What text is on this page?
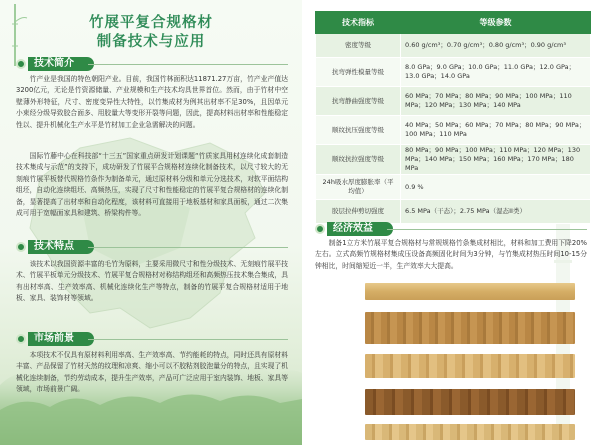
竹展平复合规格材
制备技术与应用
技术简介
竹产业是我国的特色朝阳产业。目前，我国竹林面积达11871.27万亩，竹产业产值达3200亿元，无论是竹资源储量、产业规模和生产技术均具世界首位。然而，由于竹材中空壁薄外形特征，尺寸、密度变异性大特性，以竹集成材为例其出材率不足30%，且因单元小束经分级导致胶合面多、用胶量大等变形开裂等问题，因此，提高材料出材率和性能稳定性以、提升机械化生产水平是竹材加工企业急需解决的问题。
国际竹藤中心在科技部“十三五”国家重点研发计划课题“竹质家具用材连续化成套制造技术集成与示范”的支持下，成功研发了竹展平合规格材连续化制备技术，以尺寸较大的无刻痕竹展平板替代规格竹条作为制备单元，通过原材料分级和单元分选技术，对软平面结构组坯，自动化连续组坯、高频热压，实现了尺寸和性能稳定的竹展平复合规格材的连续化制备，显著提高了出材率和自动化程度，该材料可直接用于地板基材和家具面板，通过二次集成可用于宽幅面家具和建筑、桥梁构件等。
技术特点
该技术以我国资源丰富的毛竹为原料，主要采用微尺寸和性分级技术、无刻痕竹展平技术、竹展平板单元分级技术、竹展平复合规格材对称结构组坯和高频热压技术集合集成，具有出材率高、生产效率高、机械化连续化生产等特点，制备的竹展平复合规格材适用于地板、家具、装饰材等领域。
市场前景
本项技术不仅具有原材料利用率高、生产效率高、节约能耗的特点，同时还具有原材料丰富、产品保留了竹材天然的纹理和凉爽、缩小可以不胶粘剂胶泡量分的特点，且实现了机械化连续制备，节约劳动成本，提升生产效率，产品可广泛应用于室内装饰、地板、家具等领域，市场前景广阔。
技术指标	等级参数
密度等级	0.60 g/cm³；0.70 g/cm³；0.80 g/cm³；0.90 g/cm³
抗弯弹性模量等级	8.0 GPa；9.0 GPa；10.0 GPa；11.0 GPa；12.0 GPa；13.0 GPa；14.0 GPa
抗弯静曲强度等级	60 MPa；70 MPa；80 MPa；90 MPa；100 MPa；110 MPa；120 MPa；130 MPa；140 MPa
顺纹抗压强度等级	40 MPa；50 MPa；60 MPa；70 MPa；80 MPa；90 MPa；100 MPa；110 MPa
顺纹抗拉强度等级	80 MPa；90 MPa；100 MPa；110 MPa；120 MPa；130 MPa；140 MPa；150 MPa；160 MPa；170 MPa；180 MPa
24h吸水厚度膨胀率（平均值）	0.9 %
胶层拉伸剪切强度	6.5 MPa（干态）；2.75 MPa（湿态II类）
经济效益
制备1立方米竹展平复合规格材与常规规格竹条集成材相比，材料和加工费用下降20%左右。立式高频竹规格材集成压设备高频固化时间为3分钟，与竹集成材热压时间10-15分钟相比，时间缩短近一半，生产效率大大提高。
